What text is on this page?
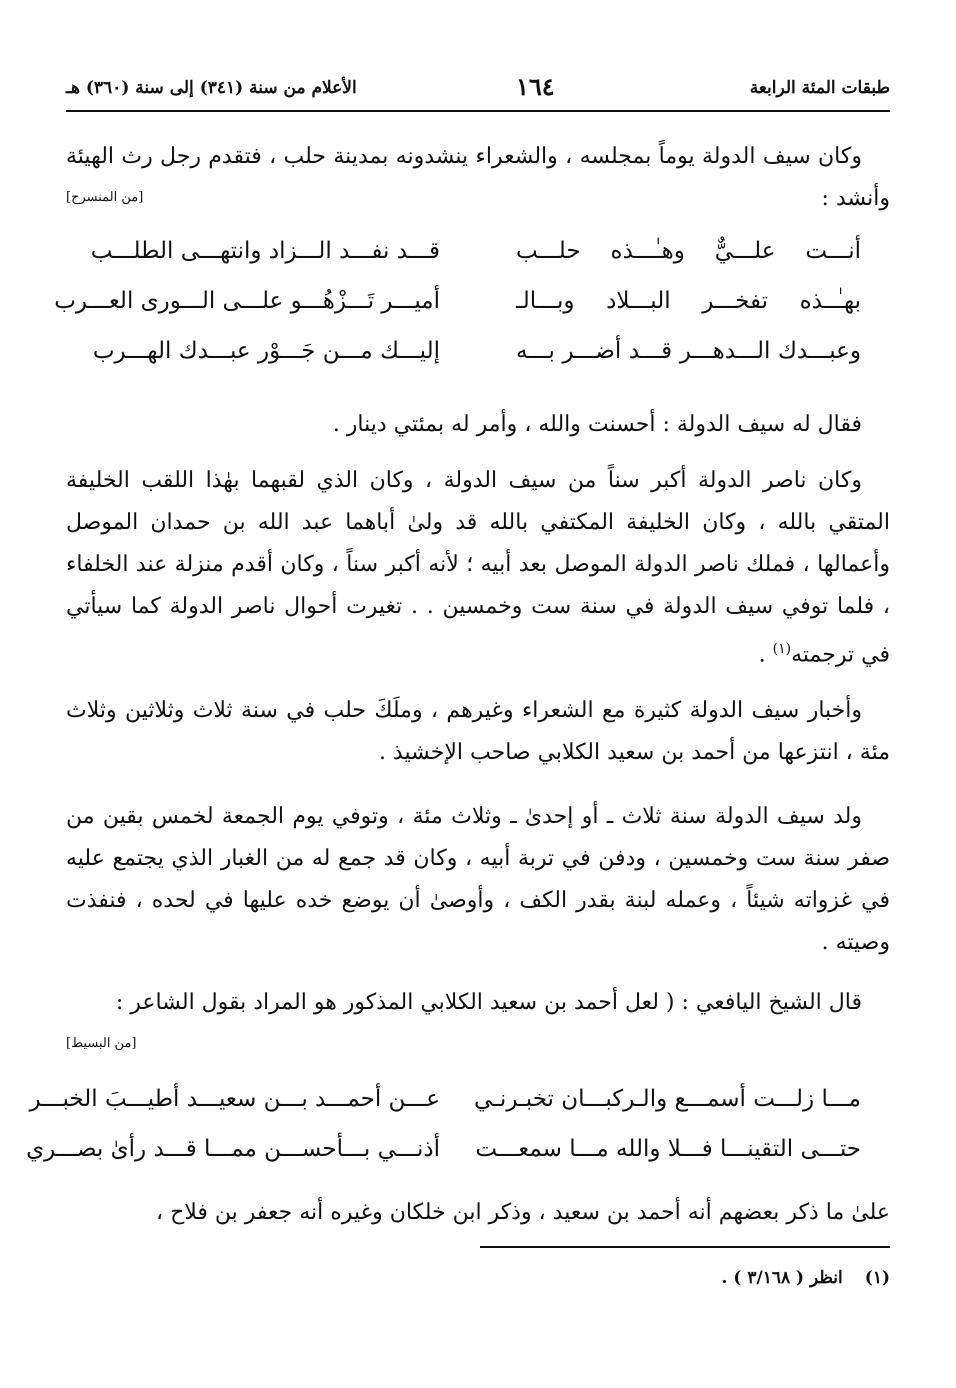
طبقات المئة الرابعة
١٦٤
الأعلام من سنة (٣٤١) إلى سنة (٣٦٠) هـ
وكان سيف الدولة يوماً بمجلسه ، والشعراء ينشدونه بمدينة حلب ، فتقدم رجل رث الهيئة وأنشد :
[من المنسرح]
أنـــت علـــيٌّ وهـٰـــذه حلـــب
قـــد نفـــد الـــزاد وانتهـــى الطلـــب
بهـٰــذه تفخـــر البـــلاد وبـــالـ
أميـــر تَـــزْهُـــو علـــى الـــورى العـــرب
وعبـــدك الـــدهـــر قـــد أضـــر بـــه
إليـــك مـــن جَـــوْر عبـــدك الهـــرب
فقال له سيف الدولة : أحسنت والله ، وأمر له بمئتي دينار .
وكان ناصر الدولة أكبر سناً من سيف الدولة ، وكان الذي لقبهما بهٰذا اللقب الخليفة المتقي بالله ، وكان الخليفة المكتفي بالله قد ولىٰ أباهما عبد الله بن حمدان الموصل وأعمالها ، فملك ناصر الدولة الموصل بعد أبيه ؛ لأنه أكبر سناً ، وكان أقدم منزلة عند الخلفاء ، فلما توفي سيف الدولة في سنة ست وخمسين . . تغيرت أحوال ناصر الدولة كما سيأتي في ترجمته$^{(١)}$ .
وأخبار سيف الدولة كثيرة مع الشعراء وغيرهم ، وملَكَ حلب في سنة ثلاث وثلاثين وثلاث مئة ، انتزعها من أحمد بن سعيد الكلابي صاحب الإخشيذ .
ولد سيف الدولة سنة ثلاث ـ أو إحدىٰ ـ وثلاث مئة ، وتوفي يوم الجمعة لخمس بقين من صفر سنة ست وخمسين ، ودفن في تربة أبيه ، وكان قد جمع له من الغبار الذي يجتمع عليه في غزواته شيئاً ، وعمله لبنة بقدر الكف ، وأوصىٰ أن يوضع خده عليها في لحده ، فنفذت وصيته .
قال الشيخ اليافعي : ( لعل أحمد بن سعيد الكلابي المذكور هو المراد بقول الشاعر :
[من البسيط]
مـــا زلـــت أسمـــع والـركبـــان تخبـرنـي
عـــن أحمـــد بـــن سعيـــد أطيـــبَ الخبـــر
حتـــى التقينـــا فـــلا والله مـــا سمعـــت
أذنـــي بـــأحســـن ممـــا قـــد رأىٰ بصـــري
علىٰ ما ذكر بعضهم أنه أحمد بن سعيد ، وذكر ابن خلكان وغيره أنه جعفر بن فلاح ،
(١)انظر ( ٣/١٦٨ ) .
